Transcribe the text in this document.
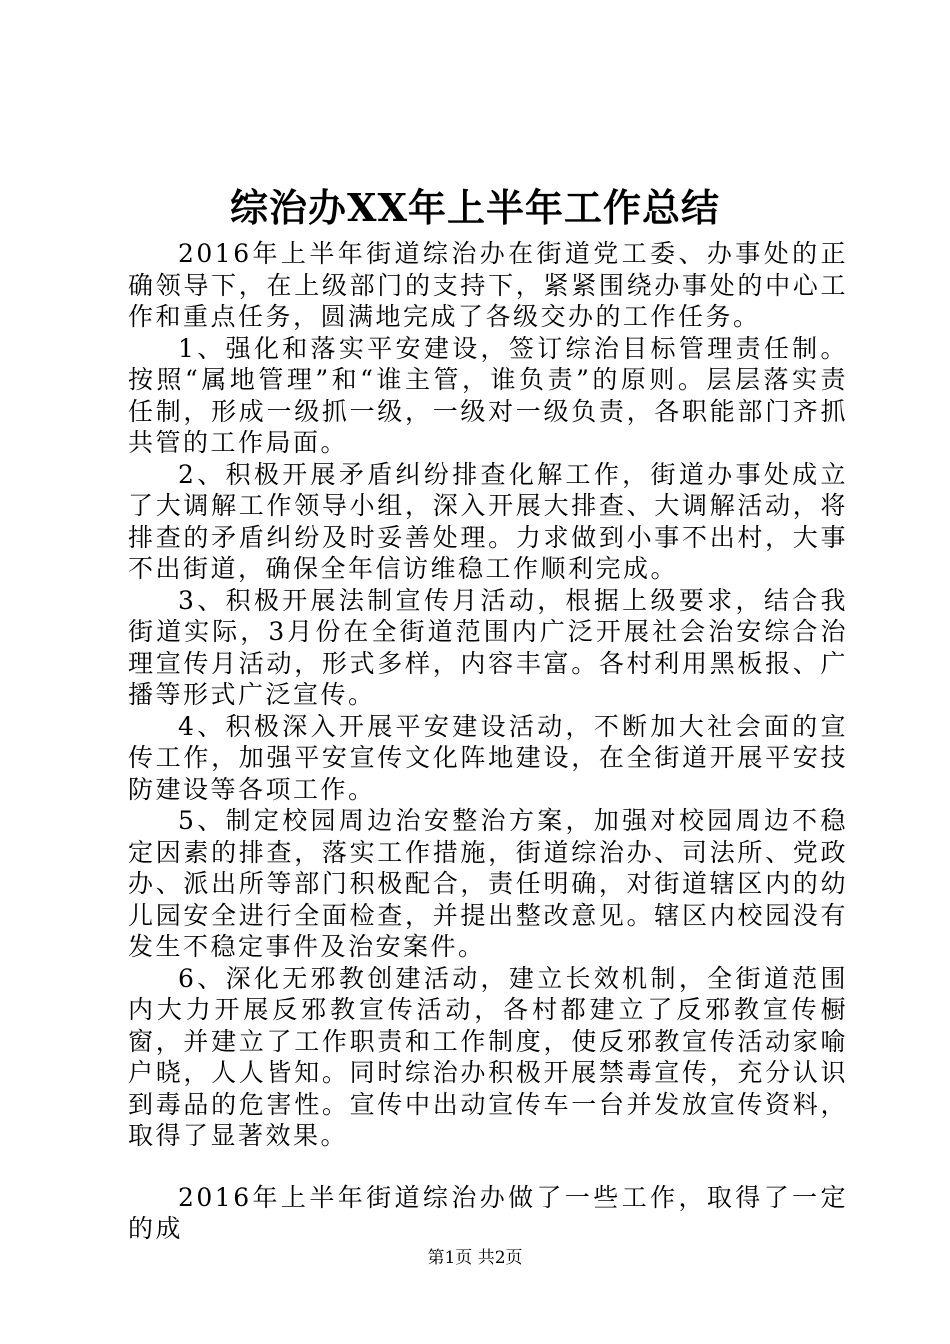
综治办XX年上半年工作总结

2016年上半年街道综治办在街道党工委、办事处的正确领导下，在上级部门的支持下，紧紧围绕办事处的中心工作和重点任务，圆满地完成了各级交办的工作任务。

1、强化和落实平安建设，签订综治目标管理责任制。按照“属地管理”和“谁主管，谁负责”的原则。层层落实责任制，形成一级抓一级，一级对一级负责，各职能部门齐抓共管的工作局面。

2、积极开展矛盾纠纷排查化解工作，街道办事处成立了大调解工作领导小组，深入开展大排查、大调解活动，将排查的矛盾纠纷及时妥善处理。力求做到小事不出村，大事不出街道，确保全年信访维稳工作顺利完成。

3、积极开展法制宣传月活动，根据上级要求，结合我街道实际，3月份在全街道范围内广泛开展社会治安综合治理宣传月活动，形式多样，内容丰富。各村利用黑板报、广播等形式广泛宣传。

4、积极深入开展平安建设活动，不断加大社会面的宣传工作，加强平安宣传文化阵地建设，在全街道开展平安技防建设等各项工作。

5、制定校园周边治安整治方案，加强对校园周边不稳定因素的排查，落实工作措施，街道综治办、司法所、党政办、派出所等部门积极配合，责任明确，对街道辖区内的幼儿园安全进行全面检查，并提出整改意见。辖区内校园没有发生不稳定事件及治安案件。

6、深化无邪教创建活动，建立长效机制，全街道范围内大力开展反邪教宣传活动，各村都建立了反邪教宣传橱窗，并建立了工作职责和工作制度，使反邪教宣传活动家喻户晓，人人皆知。同时综治办积极开展禁毒宣传，充分认识到毒品的危害性。宣传中出动宣传车一台并发放宣传资料，取得了显著效果。

2016年上半年街道综治办做了一些工作，取得了一定的成

第1页 共2页
